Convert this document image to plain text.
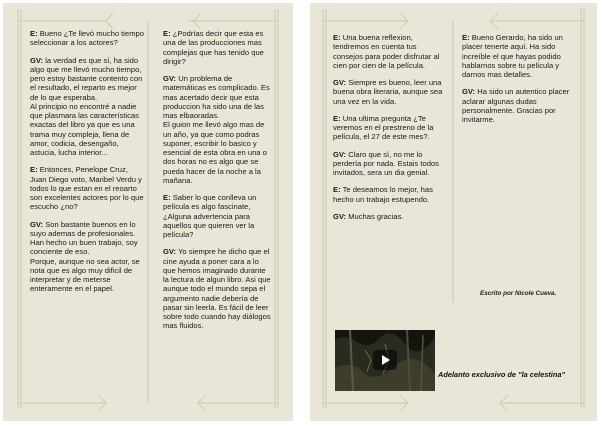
E: Bueno ¿Te llevó mucho tiempo seleccionar a los actores?

GV: la verdad es que sí, ha sido algo que me llevó mucho tiempo, pero estoy bastante contento con el resultado, el reparto es mejor de lo que esperaba.
Al principio no encontré a nadie que plasmara las características exactas del libro ya que es una trama muy compleja, llena de amor, codicia, desengaño, astucia, lucha interior...

E: Entonces, Penelope Cruz, Juan Diego voto, Maribel Verdu y todos lo que estan en el reoarto son excelentes actores por lo que escucho ¿no?

GV: Son bastante buenos en lo suyo ademas de profesionales. Han hecho un buen trabajo, soy conciente de eso.
Porque, aunque no sea actor, se nota que es algo muy dificil de interpretar y de meterse enteramente en el papel.

E: ¿Podrías decir que esta es una de las producciones mas complejas que has tenido que dirigir?

GV: Un problema de matemáticas es complicado. Es mas acertado decir que esta produccion ha sido una de las mas elbaoradas.
El guion me llevó algo mas de un año, ya que como podras suponer, escribir lo basico y esencial de esta obra en una o dos horas no es algo que se pueda hacer de la noche a la mañana.

E: Saber lo que conlleva un película es algo fascinate, ¿Alguna advertencia para aquellos que quieren ver la película?

GV: Yo siempre he dicho que el cine ayuda a poner cara a lo que hemos imaginado durante la lectura de algun libro. Asi que aunque todo el mundo sepa el argumento nadie debería de pasar sin leerla. Es fácil de leer sobre todo cuando hay diálogos mas fluidos.

E: Una buena reflexion, tendremos en cuenta tus consejos para poder disfrutar al cien por cien de la película.

GV: Siempre es bueno, leer una buena obra literaria, aunque sea una vez en la vida.

E: Una ultima pregunta ¿Te veremos en el prestreno de la película, el 27 de este mes?.

GV: Claro que sí, no me lo perdería por nada. Estais todos invitados, sera un dia genial.

E: Te deseamos lo mejor, has hecho un trabajo estupendo.

GV: Muchas gracias.

E: Bueno Gerardo, ha sido un placer tenerte aquí. Ha sido increíble el que hayas podido hablarnos sobre tu película y darnos mas detalles.

GV: Ha sido un autentico placer aclarar algunas dudas personalmente. Gracias por invitarme.

Escrito por Nicole Cueva.
Adelanto exclusivo de "la celestina"
